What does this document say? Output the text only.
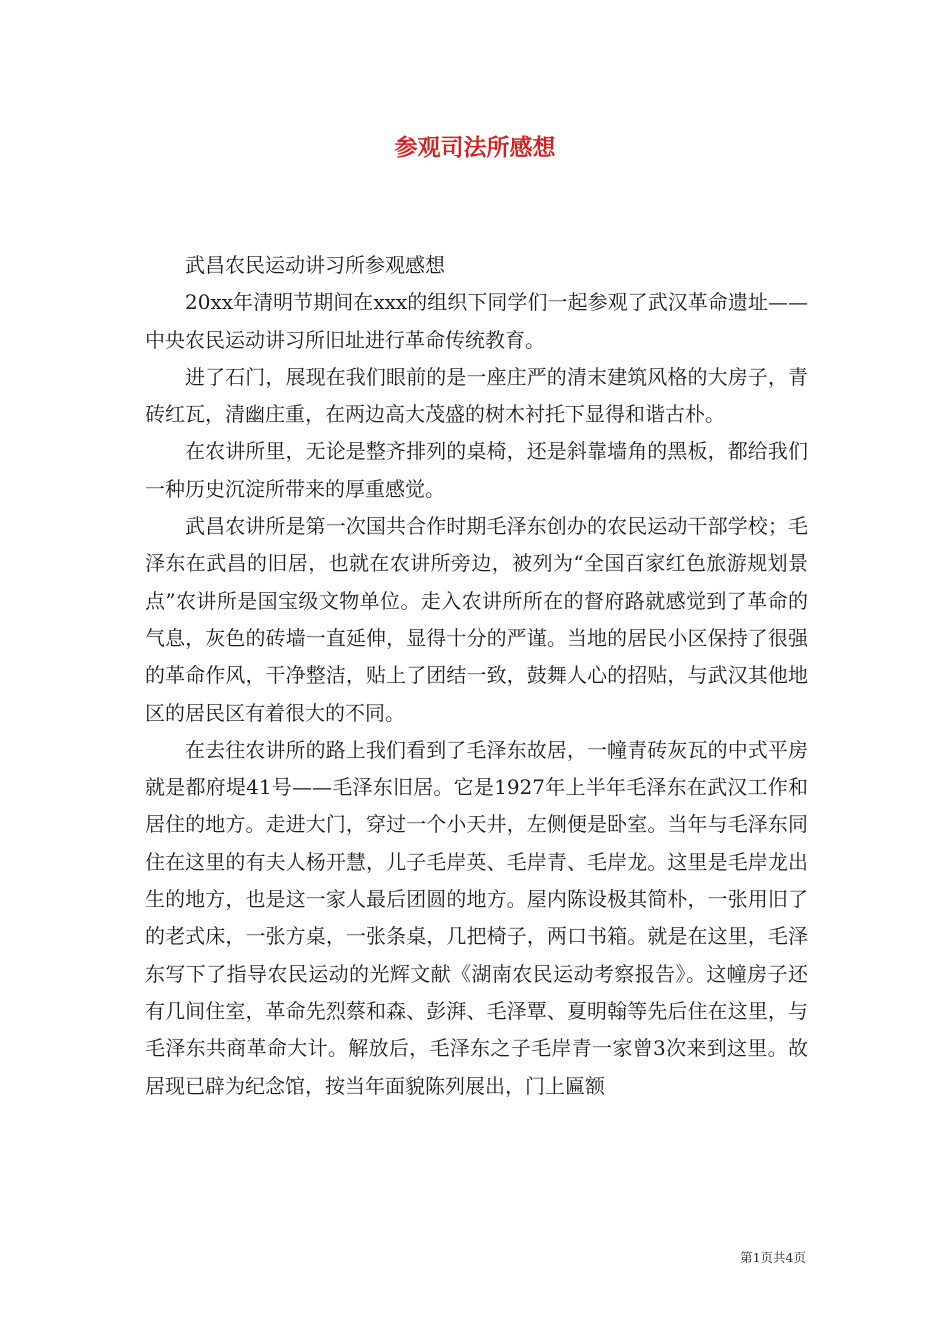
参观司法所感想

武昌农民运动讲习所参观感想

20xx年清明节期间在xxx的组织下同学们一起参观了武汉革命遗址——中央农民运动讲习所旧址进行革命传统教育。

进了石门，展现在我们眼前的是一座庄严的清末建筑风格的大房子，青砖红瓦，清幽庄重，在两边高大茂盛的树木衬托下显得和谐古朴。

在农讲所里，无论是整齐排列的桌椅，还是斜靠墙角的黑板，都给我们一种历史沉淀所带来的厚重感觉。

武昌农讲所是第一次国共合作时期毛泽东创办的农民运动干部学校；毛泽东在武昌的旧居，也就在农讲所旁边，被列为“全国百家红色旅游规划景点”农讲所是国宝级文物单位。走入农讲所所在的督府路就感觉到了革命的气息，灰色的砖墙一直延伸，显得十分的严谨。当地的居民小区保持了很强的革命作风，干净整洁，贴上了团结一致，鼓舞人心的招贴，与武汉其他地区的居民区有着很大的不同。

在去往农讲所的路上我们看到了毛泽东故居，一幢青砖灰瓦的中式平房就是都府堤41号——毛泽东旧居。它是1927年上半年毛泽东在武汉工作和居住的地方。走进大门，穿过一个小天井，左侧便是卧室。当年与毛泽东同住在这里的有夫人杨开慧，儿子毛岸英、毛岸青、毛岸龙。这里是毛岸龙出生的地方，也是这一家人最后团圆的地方。屋内陈设极其简朴，一张用旧了的老式床，一张方桌，一张条桌，几把椅子，两口书箱。就是在这里，毛泽东写下了指导农民运动的光辉文献《湖南农民运动考察报告》。这幢房子还有几间住室，革命先烈蔡和森、彭湃、毛泽覃、夏明翰等先后住在这里，与毛泽东共商革命大计。解放后，毛泽东之子毛岸青一家曾3次来到这里。故居现已辟为纪念馆，按当年面貌陈列展出，门上匾额

第1页共4页
